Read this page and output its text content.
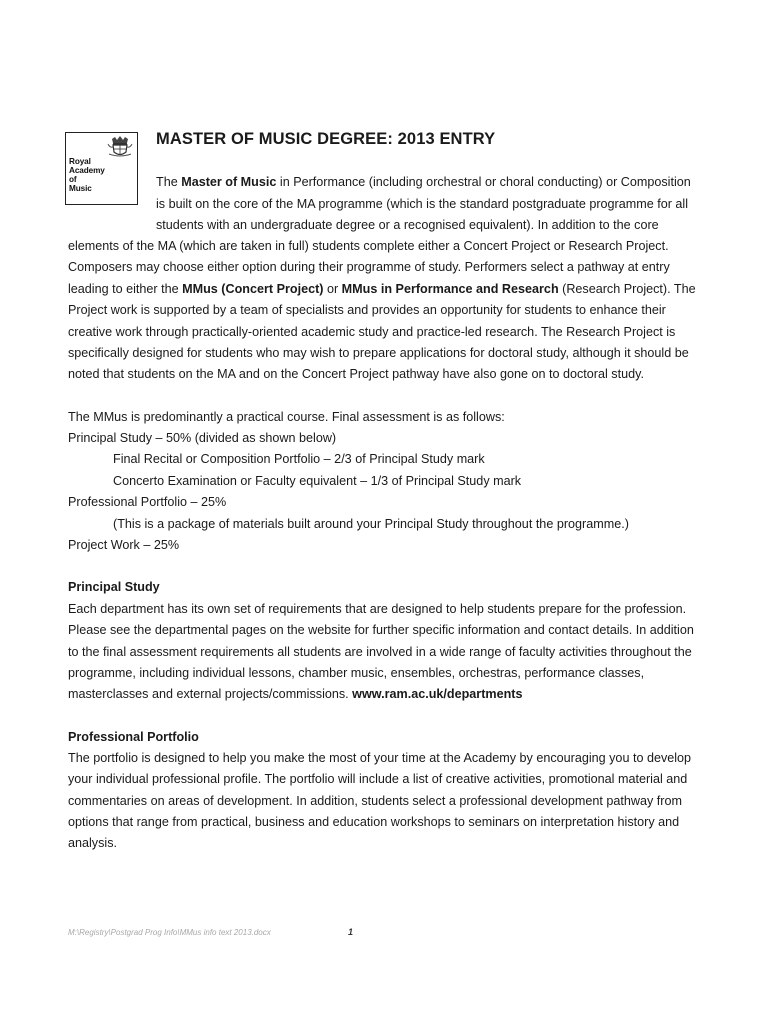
Royal
Academy
of
Music
MASTER OF MUSIC DEGREE: 2013 ENTRY
The Master of Music in Performance (including orchestral or choral conducting) or Composition
is built on the core of the MA programme (which is the standard postgraduate programme for all
students with an undergraduate degree or a recognised equivalent). In addition to the core
elements of the MA (which are taken in full) students complete either a Concert Project or Research Project.
Composers may choose either option during their programme of study. Performers select a pathway at entry
leading to either the MMus (Concert Project) or MMus in Performance and Research (Research Project). The
Project work is supported by a team of specialists and provides an opportunity for students to enhance their
creative work through practically-oriented academic study and practice-led research. The Research Project is
specifically designed for students who may wish to prepare applications for doctoral study, although it should be
noted that students on the MA and on the Concert Project pathway have also gone on to doctoral study.
The MMus is predominantly a practical course. Final assessment is as follows:
Principal Study – 50% (divided as shown below)
Final Recital or Composition Portfolio – 2/3 of Principal Study mark
Concerto Examination or Faculty equivalent – 1/3 of Principal Study mark
Professional Portfolio – 25%
(This is a package of materials built around your Principal Study throughout the programme.)
Project Work – 25%
Principal Study
Each department has its own set of requirements that are designed to help students prepare for the profession.
Please see the departmental pages on the website for further specific information and contact details. In addition
to the final assessment requirements all students are involved in a wide range of faculty activities throughout the
programme, including individual lessons, chamber music, ensembles, orchestras, performance classes,
masterclasses and external projects/commissions. www.ram.ac.uk/departments
Professional Portfolio
The portfolio is designed to help you make the most of your time at the Academy by encouraging you to develop
your individual professional profile. The portfolio will include a list of creative activities, promotional material and
commentaries on areas of development. In addition, students select a professional development pathway from
options that range from practical, business and education workshops to seminars on interpretation history and
analysis.
M:\Registry\Postgrad Prog Info\MMus info text 2013.docx	1
